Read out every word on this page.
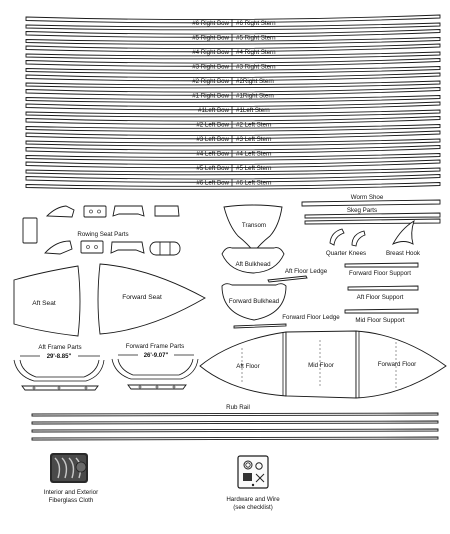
#6 Right Bow #6 Right Stern
#5 Right Bow #5 Right Stern
#4 Right Bow #4 Right Stern
#3 Right Bow #3 Right Stern
#2 Right Bow #2Right Stern
#1 Right Bow #1Right Stern
#1Left Bow #1Left Stern
#2 Left Bow #2 Left Stern
#3 Left Bow #3 Left Stern
#4 Left Bow #4 Left Stern
#5 Left Bow #5 Left Stern
#6 Left Bow #6 Left Stern
Worm Shoe
Skeg Parts
Rowing Seat Parts
Transom
Quarter Knees	Breast Hook
Aft Bulkhead
Aft Floor Ledge	Forward Floor Support
Aft Floor Support
Mid Floor Support
Aft Seat
Forward Seat
Forward Bulkhead
Forward Floor Ledge
Aft Frame Parts
29'-8.85"
Forward Frame Parts
26'-9.07"
Aft Floor	Mid Floor	Forward Floor
Rub Rail
Interior and Exterior
Fiberglass Cloth	Hardware and Wire
(see checklist)
